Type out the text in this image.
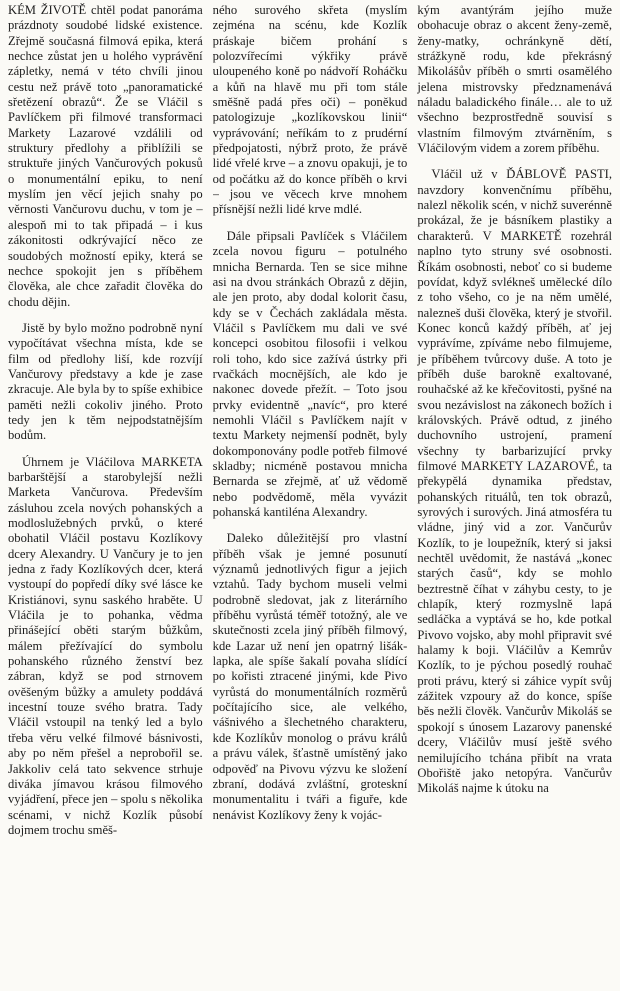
KÉM ŽIVOTĚ chtěl podat panoráma prázdnoty soudobé lidské existence. Zřejmě současná filmová epika, která nechce zůstat jen u holého vyprávění zápletky, nemá v této chvíli jinou cestu než právě toto „panoramatické sřetězení obrazů“. Že se Vláčil s Pavlíčkem při filmové transformaci Markety Lazarové vzdálili od struktury předlohy a přiblížili se struktuře jiných Vančurových pokusů o monumentální epiku, to není myslím jen věcí jejich snahy po věrnosti Vančurovu duchu, v tom je – alespoň mi to tak připadá – i kus zákonitosti odkrývající něco ze soudobých možností epiky, která se nechce spokojit jen s příběhem člověka, ale chce zařadit člověka do chodu dějin.

Jistě by bylo možno podrobně nyní vypočítávat všechna místa, kde se film od předlohy liší, kde rozvíjí Vančurovy představy a kde je zase zkracuje. Ale byla by to spíše exhibice paměti nežli cokoliv jiného. Proto tedy jen k těm nejpodstatnějším bodům.

Úhrnem je Vláčilova MARKETA barbarštější a starobylejší nežli Marketa Vančurova. Především zásluhou zcela nových pohanských a modloslužebných prvků, o které obohatil Vláčil postavu Kozlíkovy dcery Alexandry. U Vančury je to jen jedna z řady Kozlíkových dcer, která vystoupí do popředí díky své lásce ke Kristiánovi, synu saského hraběte. U Vláčila je to pohanka, vědma přinášející oběti starým bůžkům, málem přežívající do symbolu pohanského různého ženství bez zábran, když se pod strnovem ověšeným bůžky a amulety poddává incestní touze svého bratra. Tady Vláčil vstoupil na tenký led a bylo třeba věru velké filmové básnivosti, aby po něm přešel a neprobořil se. Jakkoliv celá tato sekvence strhuje diváka jímavou krásou filmového vyjádření, přece jen – spolu s několika scénami, v nichž Kozlík působí dojmem trochu směš-

ného surového skřeta (myslím zejména na scénu, kde Kozlík práskaje bičem prohání s polozvířecími výkřiky právě uloupeného koně po nádvoří Roháčku a kůň na hlavě mu při tom stále směšně padá přes oči) – poněkud patologizuje „kozlíkovskou linii“ vyprávování; neříkám to z prudérní předpojatosti, nýbrž proto, že právě lidé vřelé krve – a znovu opakuji, je to od počátku až do konce příběh o krvi – jsou ve věcech krve mnohem přísnější nežli lidé krve mdlé.

Dále připsali Pavlíček s Vláčilem zcela novou figuru – potulného mnicha Bernarda. Ten se sice mihne asi na dvou stránkách Obrazů z dějin, ale jen proto, aby dodal kolorit času, kdy se v Čechách zakládala města. Vláčil s Pavlíčkem mu dali ve své koncepci osobitou filosofii i velkou roli toho, kdo sice zažívá ústrky při rvačkách mocnějších, ale kdo je nakonec dovede přežít. – Toto jsou prvky evidentně „navíc“, pro které nemohli Vláčil s Pavlíčkem najít v textu Markety nejmenší podnět, byly dokomponovány podle potřeb filmové skladby; nicméně postavou mnicha Bernarda se zřejmě, ať už vědomě nebo podvědomě, měla vyvázit pohanská kantiléna Alexandry.

Daleko důležitější pro vlastní příběh však je jemné posunutí významů jednotlivých figur a jejich vztahů. Tady bychom museli velmi podrobně sledovat, jak z literárního příběhu vyrůstá téměř totožný, ale ve skutečnosti zcela jiný příběh filmový, kde Lazar už není jen opatrný lišák-lapka, ale spíše šakalí povaha slídící po kořisti ztracené jinými, kde Pivo vyrůstá do monumentálních rozměrů počítajícího sice, ale velkého, vášnivého a šlechetného charakteru, kde Kozlíkův monolog o právu králů a právu válek, šťastně umístěný jako odpověď na Pivovu výzvu ke složení zbraní, dodává zvláštní, groteskní monumentalitu i tváři a figuře, kde nenávist Kozlíkovy ženy k vojác-

kým avantýrám jejího muže obohacuje obraz o akcent ženy-země, ženy-matky, ochránkyně dětí, strážkyně rodu, kde překrásný Mikolášův příběh o smrti osamělého jelena mistrovsky předznamenává náladu baladického finále… ale to už všechno bezprostředně souvisí s vlastním filmovým ztvárněním, s Vláčilovým videm a zorem příběhu.

Vláčil už v ĎÁBLOVĚ PASTI, navzdory konvenčnímu příběhu, nalezl několik scén, v nichž suverénně prokázal, že je básníkem plastiky a charakterů. V MARKETĚ rozehrál naplno tyto struny své osobnosti. Říkám osobnosti, neboť co si budeme povídat, když svlékneš umělecké dílo z toho všeho, co je na něm umělé, nalezneš duši člověka, který je stvořil. Konec konců každý příběh, ať jej vyprávíme, zpíváme nebo filmujeme, je příběhem tvůrcovy duše. A toto je příběh duše barokně exaltované, rouhačské až ke křečovitosti, pyšné na svou nezávislost na zákonech božích i královských. Právě odtud, z jiného duchovního ustrojení, pramení všechny ty barbarizující prvky filmové MARKETY LAZAROVÉ, ta překypělá dynamika představ, pohanských rituálů, ten tok obrazů, syrových i surových. Jiná atmosféra tu vládne, jiný vid a zor. Vančurův Kozlík, to je loupežník, který si jaksi nechtěl uvědomit, že nastává „konec starých časů“, kdy se mohlo beztrestně číhat v záhybu cesty, to je chlapík, který rozmyslně lapá sedláčka a vyptává se ho, kde potkal Pivovo vojsko, aby mohl připravit své halamy k boji. Vláčilův a Kemrův Kozlík, to je pýchou posedlý rouhač proti právu, který si záhice vypít svůj zážitek vzpoury až do konce, spíše běs nežli člověk. Vančurův Mikoláš se spokojí s únosem Lazarovy panenské dcery, Vláčilův musí ještě svého nemilujícího tchána přibít na vrata Obořiště jako netopýra. Vančurův Mikoláš najme k útoku na
